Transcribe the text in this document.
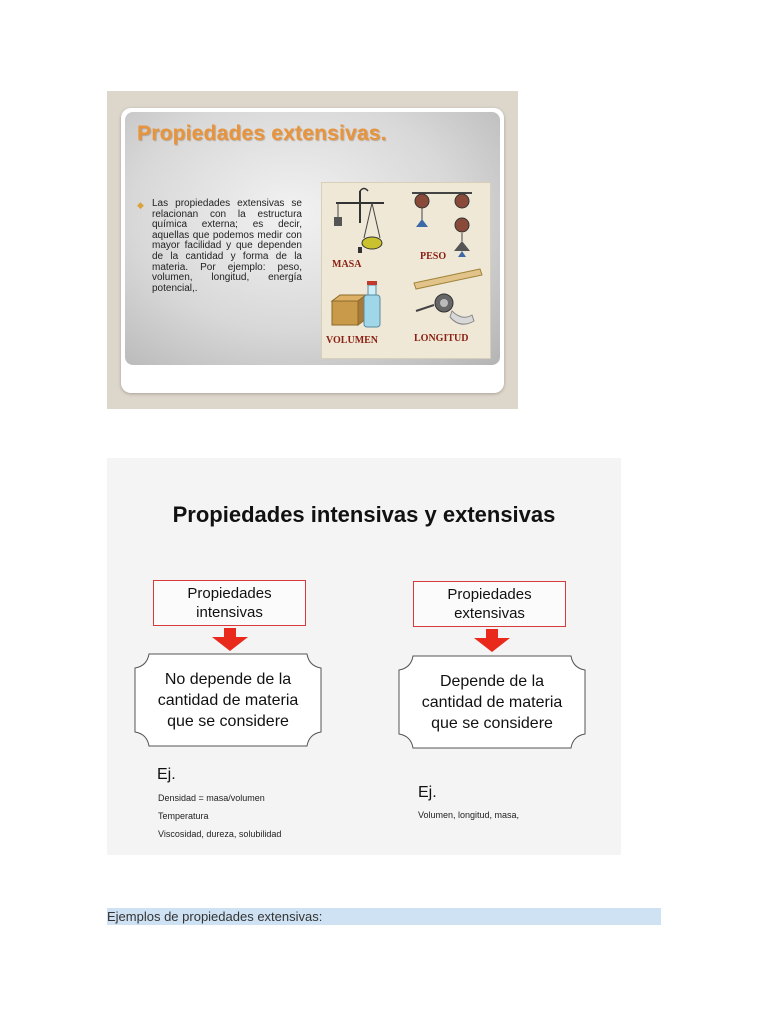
Propiedades extensivas.
◆ Las propiedades extensivas se relacionan con la estructura química externa; es decir, aquellas que podemos medir con mayor facilidad y que dependen de la cantidad y forma de la materia. Por ejemplo: peso, volumen, longitud, energía potencial,.

MASA
PESO
VOLUMEN	LONGITUD
Propiedades intensivas y extensivas
Propiedades intensivas
No depende de la cantidad de materia que se considere
Ej.
Densidad = masa/volumen
Temperatura
Viscosidad, dureza, solubilidad
Propiedades extensivas
Depende de la cantidad de materia que se considere
Ej.
Volumen, longitud, masa,
Ejemplos de propiedades extensivas:
